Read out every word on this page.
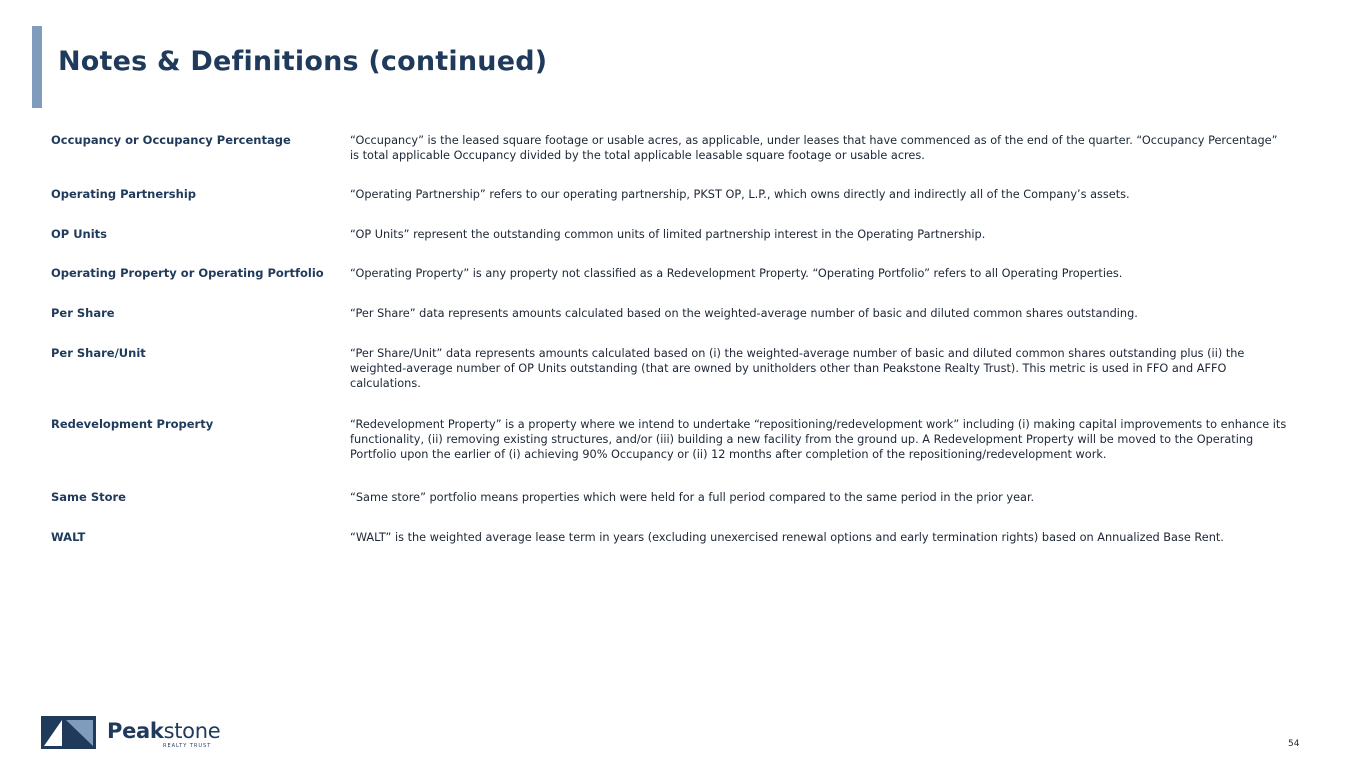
Notes & Definitions (continued)
Occupancy or Occupancy Percentage	“Occupancy” is the leased square footage or usable acres, as applicable, under leases that have commenced as of the end of the quarter. “Occupancy Percentage” is total applicable Occupancy divided by the total applicable leasable square footage or usable acres.
Operating Partnership	“Operating Partnership” refers to our operating partnership, PKST OP, L.P., which owns directly and indirectly all of the Company’s assets.
OP Units	“OP Units” represent the outstanding common units of limited partnership interest in the Operating Partnership.
Operating Property or Operating Portfolio	“Operating Property” is any property not classified as a Redevelopment Property. “Operating Portfolio” refers to all Operating Properties.
Per Share	“Per Share” data represents amounts calculated based on the weighted-average number of basic and diluted common shares outstanding.
Per Share/Unit	“Per Share/Unit” data represents amounts calculated based on (i) the weighted-average number of basic and diluted common shares outstanding plus (ii) the weighted-average number of OP Units outstanding (that are owned by unitholders other than Peakstone Realty Trust). This metric is used in FFO and AFFO calculations.
Redevelopment Property	“Redevelopment Property” is a property where we intend to undertake “repositioning/redevelopment work” including (i) making capital improvements to enhance its functionality, (ii) removing existing structures, and/or (iii) building a new facility from the ground up. A Redevelopment Property will be moved to the Operating Portfolio upon the earlier of (i) achieving 90% Occupancy or (ii) 12 months after completion of the repositioning/redevelopment work.
Same Store	“Same store” portfolio means properties which were held for a full period compared to the same period in the prior year.
WALT	“WALT” is the weighted average lease term in years (excluding unexercised renewal options and early termination rights) based on Annualized Base Rent.
Peakstone
REALTY TRUST	54
